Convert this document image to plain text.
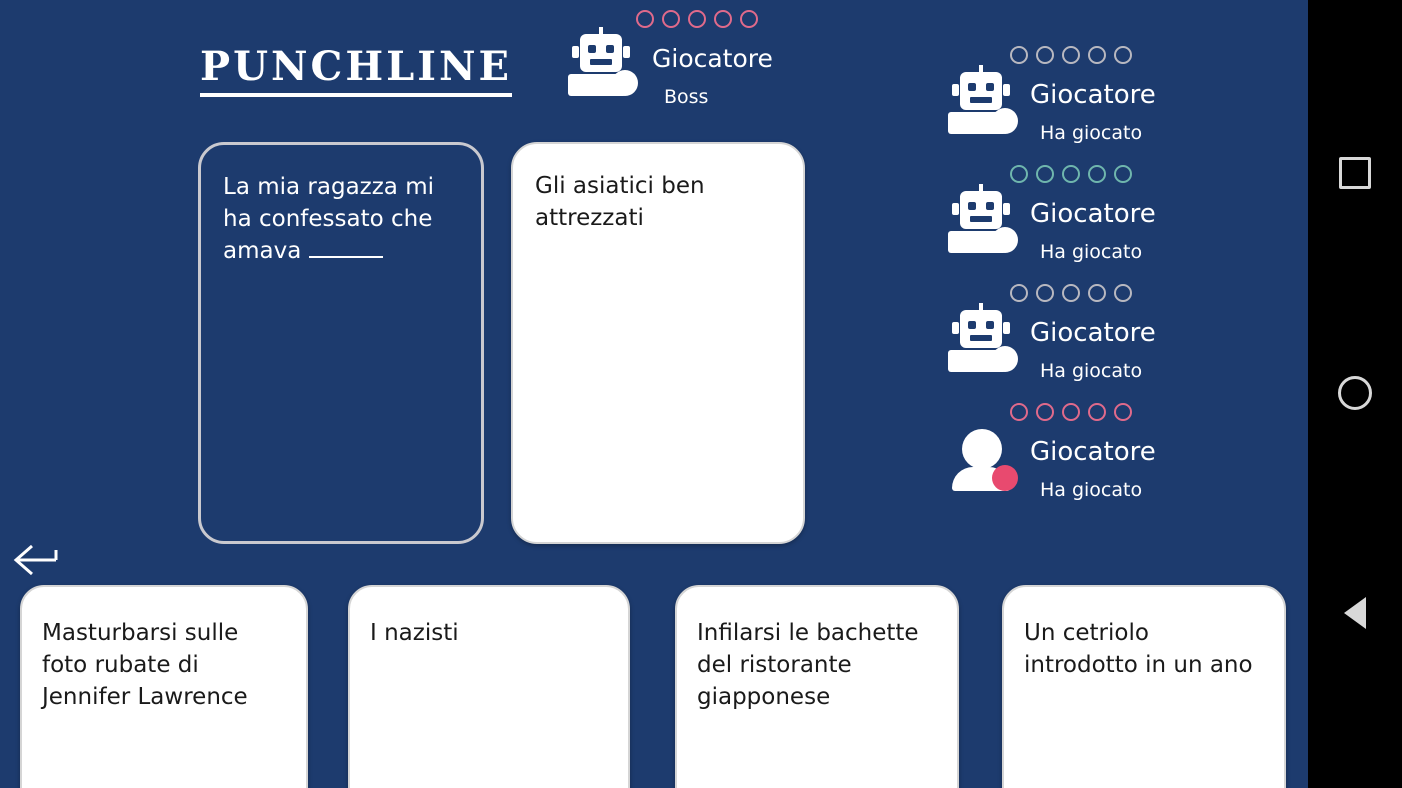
PUNCHLINE	Giocatore
Boss	Giocatore
Ha giocato
Giocatore
Ha giocato
Giocatore
Ha giocato
Giocatore
Ha giocato
La mia ragazza mi ha confessato che amava
Gli asiatici ben attrezzati
Masturbarsi sulle foto rubate di Jennifer Lawrence
I nazisti	Infilarsi le bachette del ristorante giapponese
Un cetriolo introdotto in un ano
